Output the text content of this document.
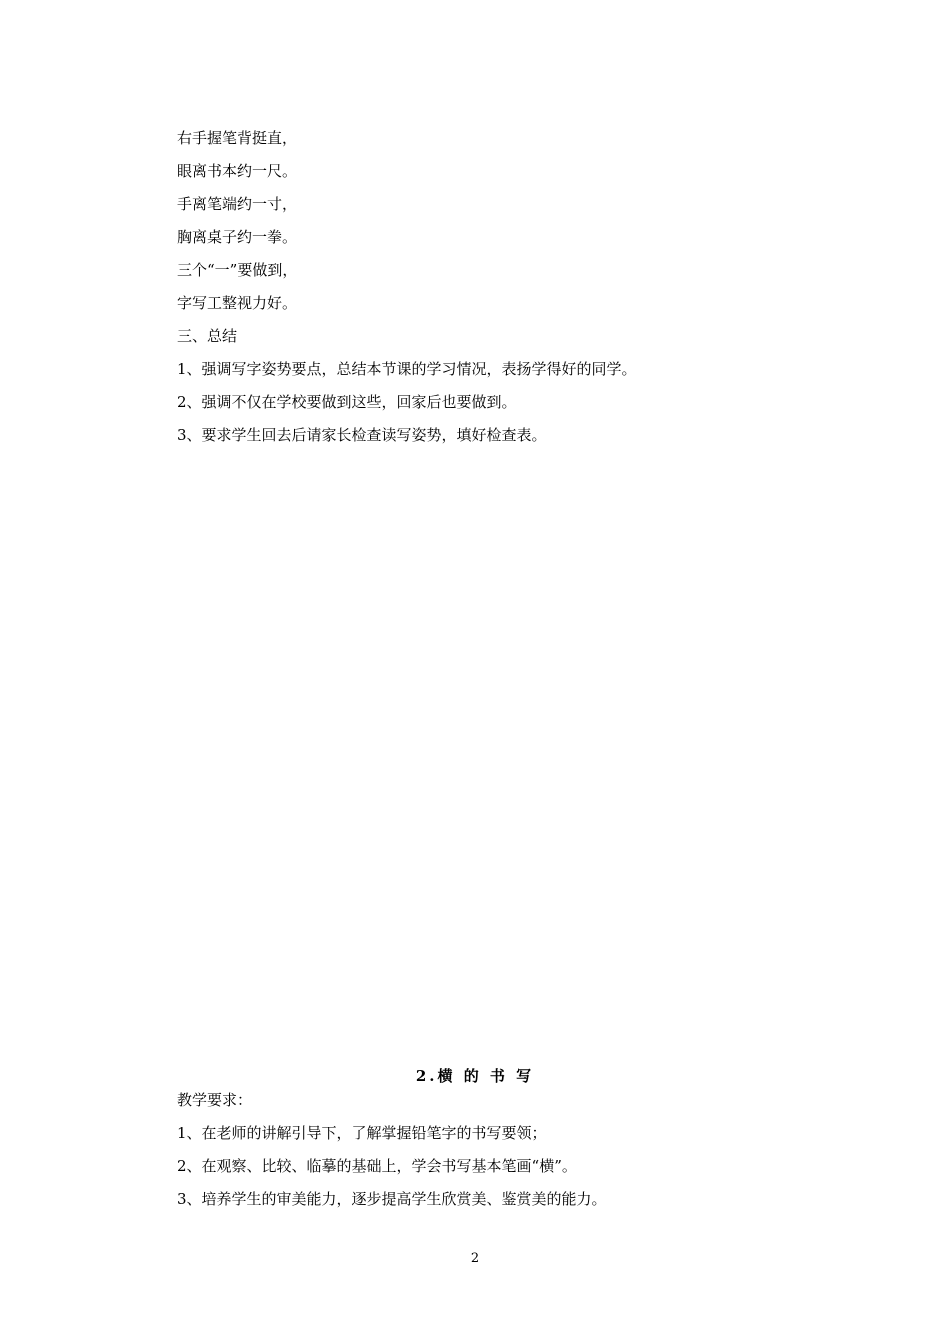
右手握笔背挺直，
眼离书本约一尺。
手离笔端约一寸，
胸离桌子约一拳。
三个“一”要做到，
字写工整视力好。
三、总结
1、强调写字姿势要点，总结本节课的学习情况，表扬学得好的同学。
2、强调不仅在学校要做到这些，回家后也要做到。
3、要求学生回去后请家长检查读写姿势，填好检查表。
2.横 的 书 写
教学要求：
1、在老师的讲解引导下，了解掌握铅笔字的书写要领；
2、在观察、比较、临摹的基础上，学会书写基本笔画“横”。
3、培养学生的审美能力，逐步提高学生欣赏美、鉴赏美的能力。
2
